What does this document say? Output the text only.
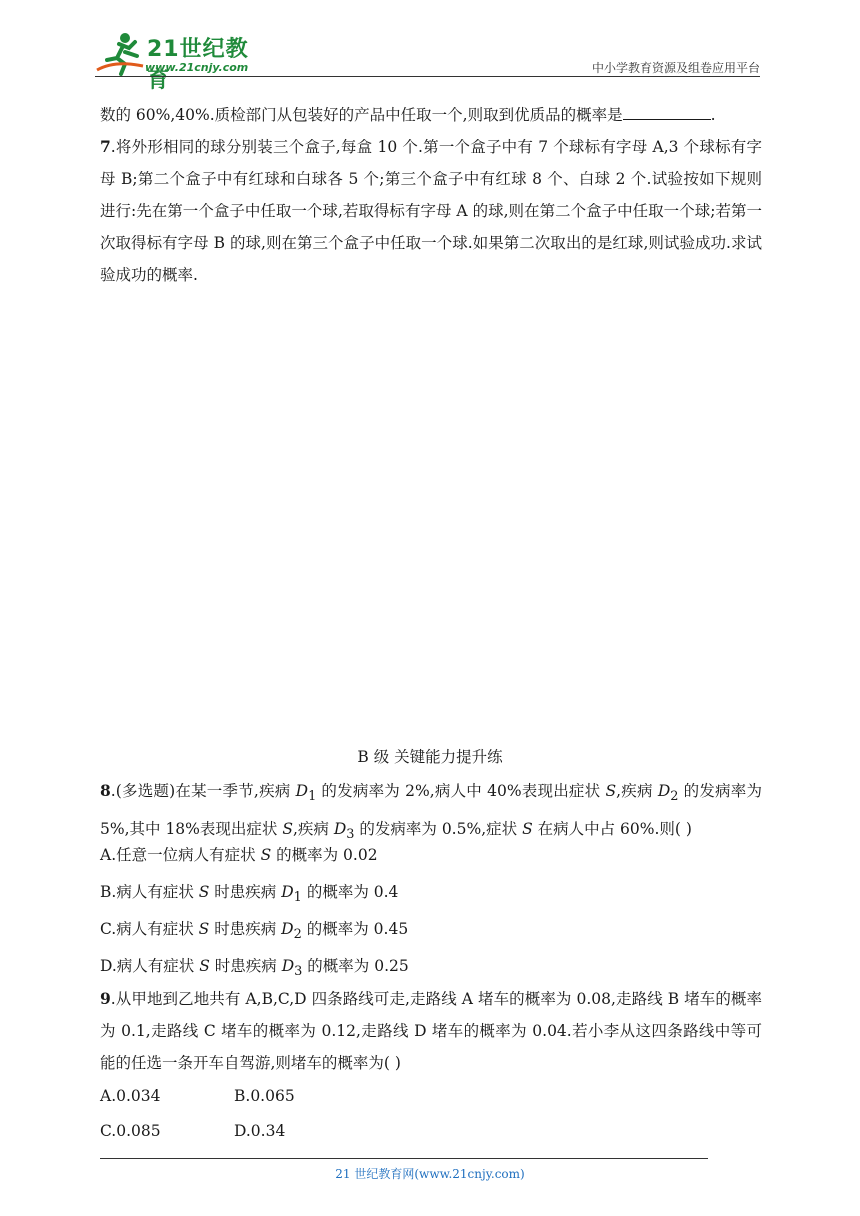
21世纪教育
www.21cnjy.com	中小学教育资源及组卷应用平台

数的 60%,40%.质检部门从包装好的产品中任取一个,则取到优质品的概率是	.

7.将外形相同的球分别装三个盒子,每盒 10 个.第一个盒子中有 7 个球标有字母 A,3 个球标有字母 B;第二个盒子中有红球和白球各 5 个;第三个盒子中有红球 8 个、白球 2 个.试验按如下规则进行:先在第一个盒子中任取一个球,若取得标有字母 A 的球,则在第二个盒子中任取一个球;若第一次取得标有字母 B 的球,则在第三个盒子中任取一个球.如果第二次取出的是红球,则试验成功.求试验成功的概率.

B 级 关键能力提升练

8.(多选题)在某一季节,疾病 $D_1$ 的发病率为 2%,病人中 40%表现出症状 S,疾病 $D_2$ 的发病率为 5%,其中 18%表现出症状 S,疾病 $D_3$ 的发病率为 0.5%,症状 S 在病人中占 60%.则( )

A.任意一位病人有症状 S 的概率为 0.02
B.病人有症状 S 时患疾病 $D_1$ 的概率为 0.4
C.病人有症状 S 时患疾病 $D_2$ 的概率为 0.45
D.病人有症状 S 时患疾病 $D_3$ 的概率为 0.25

9.从甲地到乙地共有 A,B,C,D 四条路线可走,走路线 A 堵车的概率为 0.08,走路线 B 堵车的概率为 0.1,走路线 C 堵车的概率为 0.12,走路线 D 堵车的概率为 0.04.若小李从这四条路线中等可能的任选一条开车自驾游,则堵车的概率为( )

A.0.034	B.0.065
C.0.085	D.0.34
21 世纪教育网(www.21cnjy.com)
